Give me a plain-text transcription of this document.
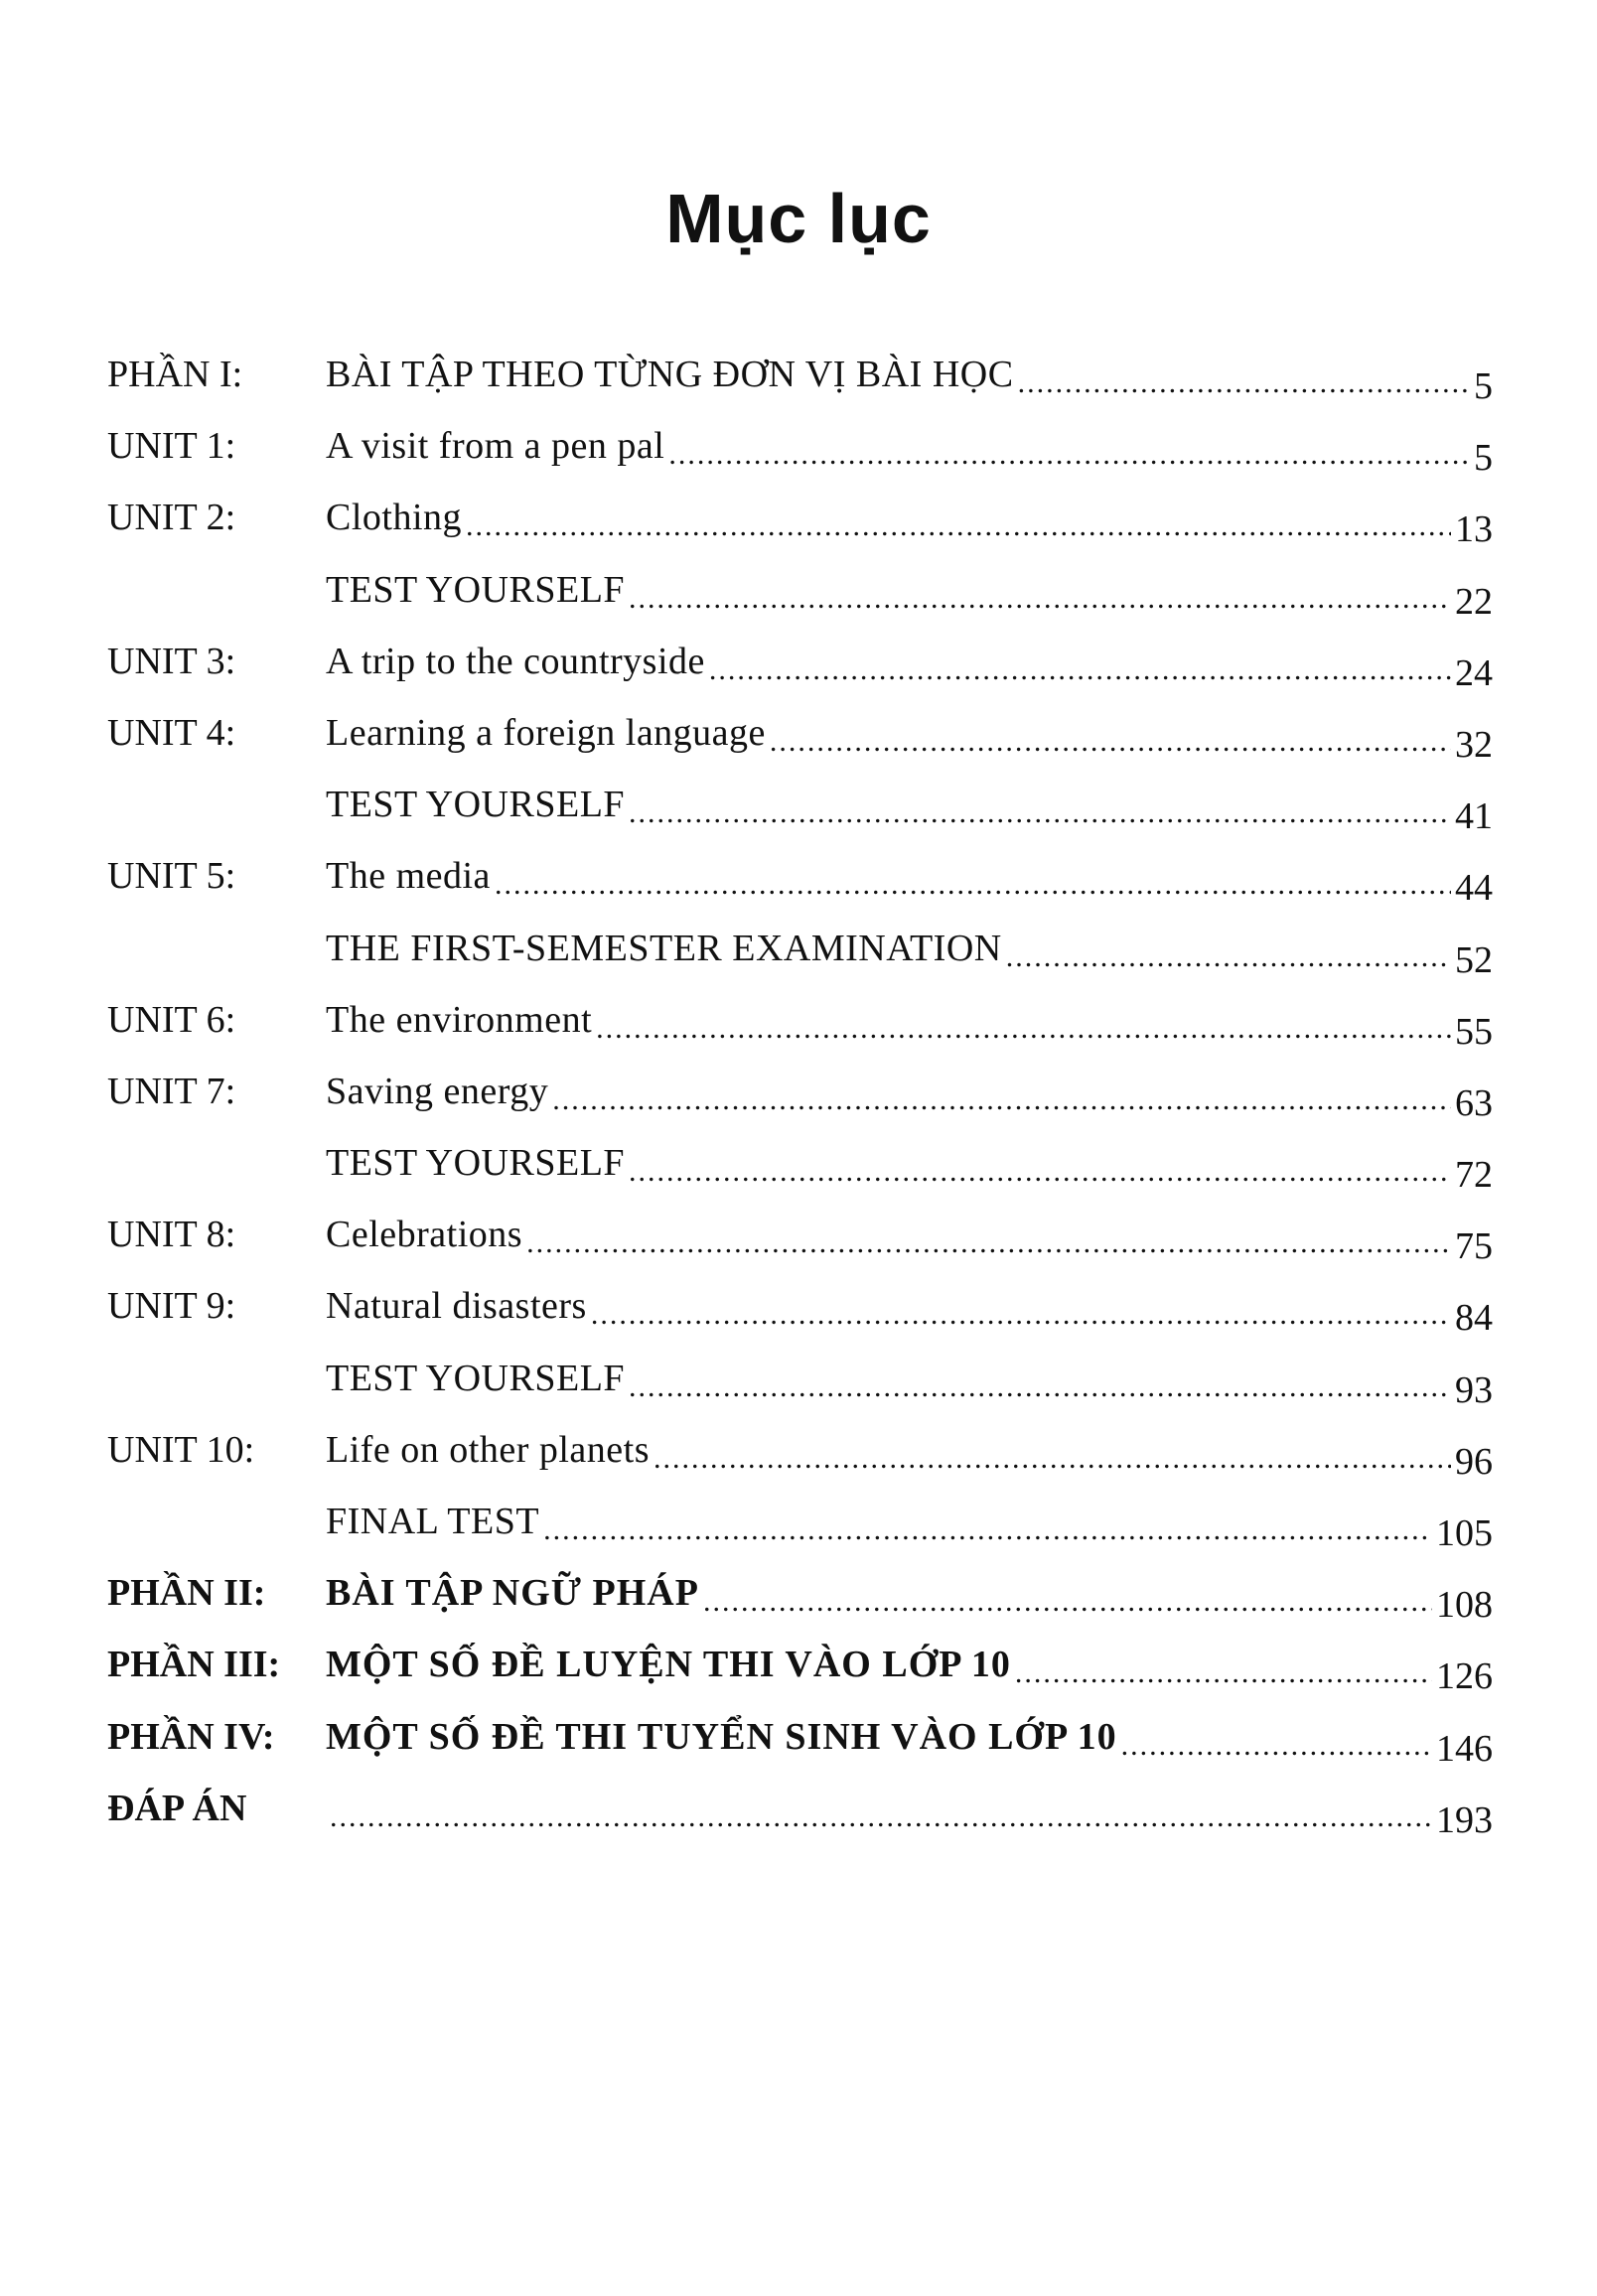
Mục lục
PHẦN I:	BÀI TẬP THEO TỪNG ĐƠN VỊ BÀI HỌC .....	5
UNIT 1:	A visit from a pen pal .....	5
UNIT 2:	Clothing .....	13
TEST YOURSELF .....	22
UNIT 3:	A trip to the countryside .....	24
UNIT 4:	Learning a foreign language .....	32
TEST YOURSELF .....	41
UNIT 5:	The media .....	44
THE FIRST-SEMESTER EXAMINATION .....	52
UNIT 6:	The environment .....	55
UNIT 7:	Saving energy .....	63
TEST YOURSELF .....	72
UNIT 8:	Celebrations .....	75
UNIT 9:	Natural disasters .....	84
TEST YOURSELF .....	93
UNIT 10:	Life on other planets .....	96
FINAL TEST .....	105
PHẦN II:	BÀI TẬP NGỮ PHÁP .....	108
PHẦN III:	MỘT SỐ ĐỀ LUYỆN THI VÀO LỚP 10 .....	126
PHẦN IV:	MỘT SỐ ĐỀ THI TUYỂN SINH VÀO LỚP 10 .....	146
ĐÁP ÁN .....	193
